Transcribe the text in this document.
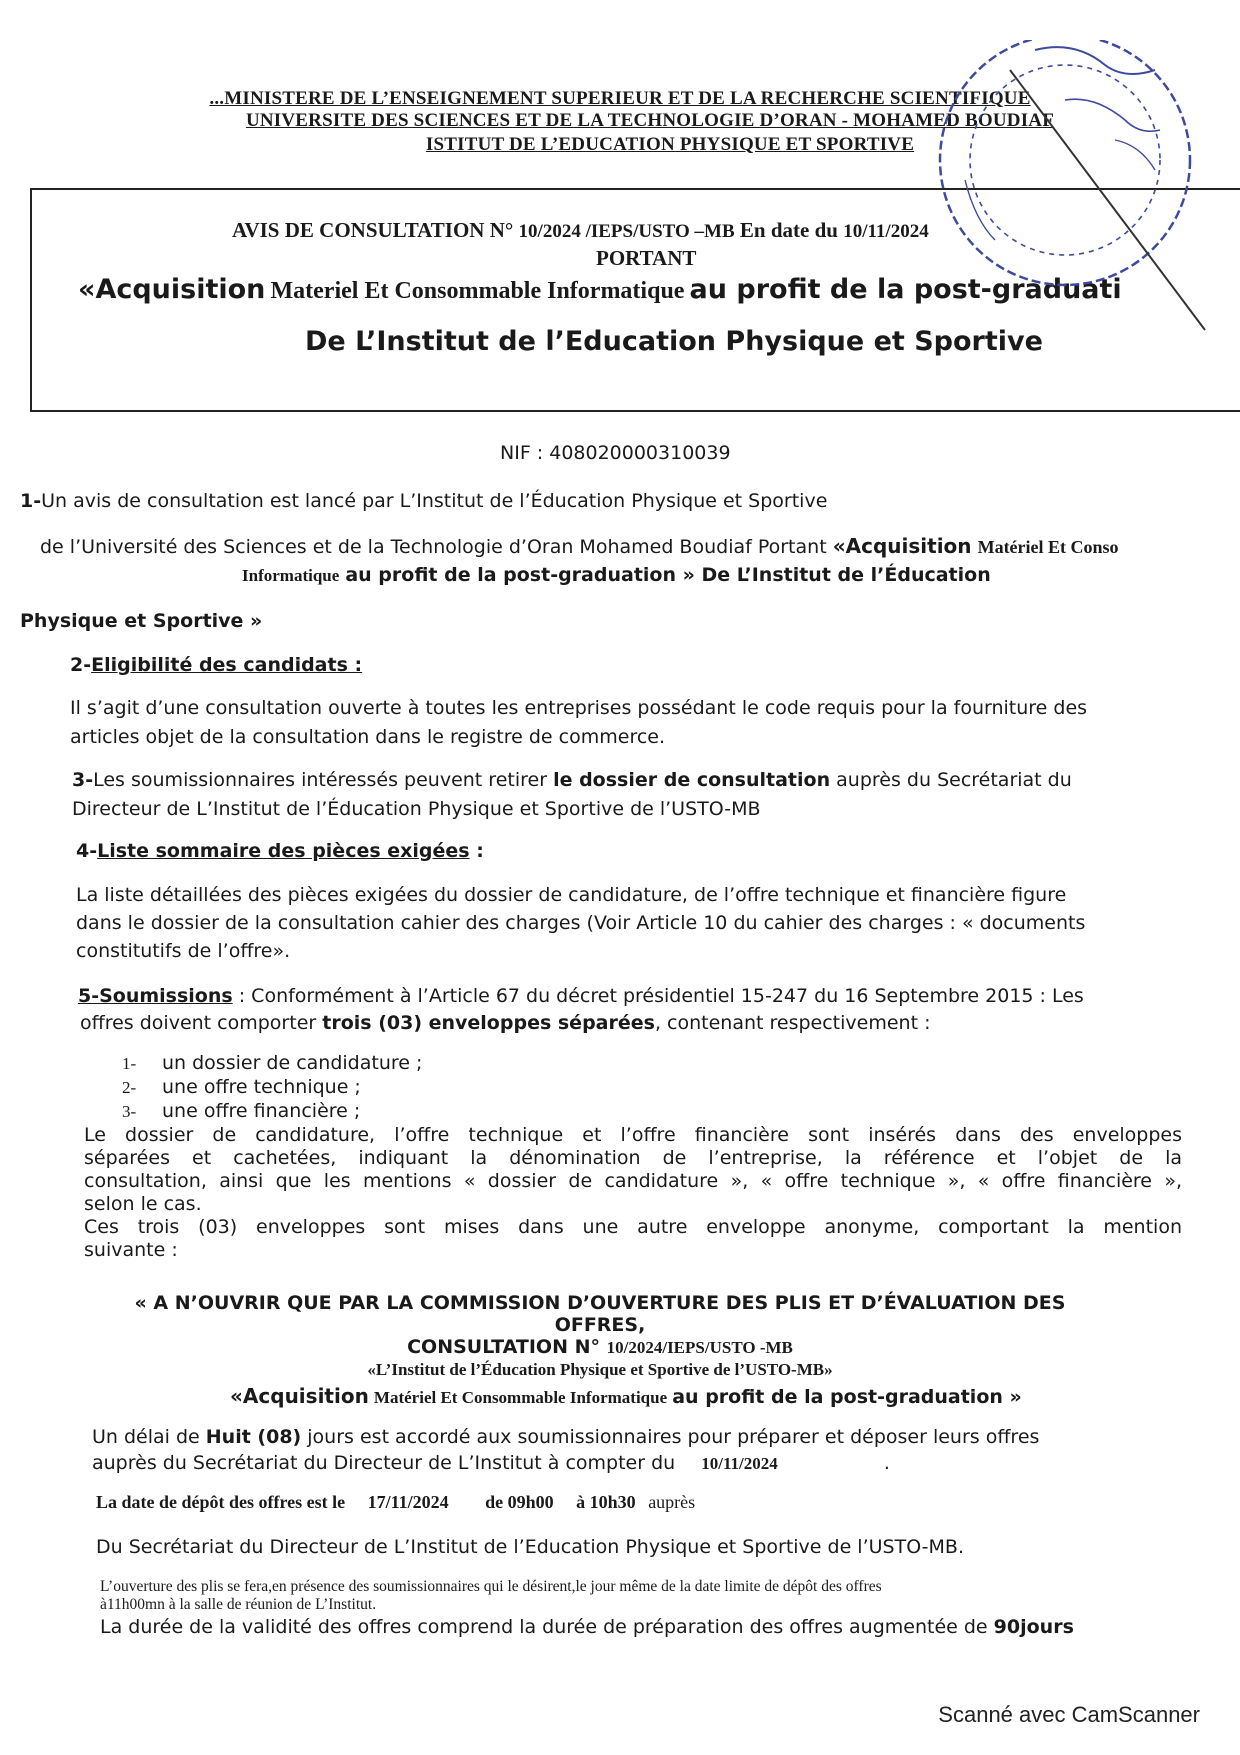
...MINISTERE DE L’ENSEIGNEMENT SUPERIEUR ET DE LA RECHERCHE SCIENTIFIQUE
UNIVERSITE DES SCIENCES ET DE LA TECHNOLOGIE D’ORAN - MOHAMED BOUDIAF
ISTITUT DE L’EDUCATION PHYSIQUE ET SPORTIVE
AVIS DE CONSULTATION N° 10/2024 /IEPS/USTO –MB En date du 10/11/2024
PORTANT
«Acquisition Materiel Et Consommable Informatique au profit de la post-graduati
De L’Institut de l’Education Physique et Sportive
NIF : 408020000310039
1-Un avis de consultation est lancé par L’Institut de l’Éducation Physique et Sportive
de l’Université des Sciences et de la Technologie d’Oran Mohamed Boudiaf Portant «Acquisition Matériel Et Conso
Informatique au profit de la post-graduation » De L’Institut de l’Éducation
Physique et Sportive »
2-Eligibilité des candidats :
Il s’agit d’une consultation ouverte à toutes les entreprises possédant le code requis pour la fourniture des
articles objet de la consultation dans le registre de commerce.
3-Les soumissionnaires intéressés peuvent retirer le dossier de consultation auprès du Secrétariat du
Directeur de L’Institut de l’Éducation Physique et Sportive de l’USTO-MB
4-Liste sommaire des pièces exigées :
La liste détaillées des pièces exigées du dossier de candidature, de l’offre technique et financière figure
dans le dossier de la consultation cahier des charges (Voir Article 10 du cahier des charges : « documents
constitutifs de l’offre».
5-Soumissions : Conformément à l’Article 67 du décret présidentiel 15-247 du 16 Septembre 2015 : Les
offres doivent comporter trois (03) enveloppes séparées, contenant respectivement :
1- un dossier de candidature ;
2- une offre technique ;
3- une offre financière ;
Le dossier de candidature, l’offre technique et l’offre financière sont insérés dans des enveloppes
séparées et cachetées, indiquant la dénomination de l’entreprise, la référence et l’objet de la
consultation, ainsi que les mentions « dossier de candidature », « offre technique », « offre financière »,
selon le cas.
Ces trois (03) enveloppes sont mises dans une autre enveloppe anonyme, comportant la mention
suivante :
« A N’OUVRIR QUE PAR LA COMMISSION D’OUVERTURE DES PLIS ET D’ÉVALUATION DES
OFFRES,
CONSULTATION N° 10/2024/IEPS/USTO -MB
«L’Institut de l’Éducation Physique et Sportive de l’USTO-MB»
«Acquisition Matériel Et Consommable Informatique au profit de la post-graduation »
Un délai de Huit (08) jours est accordé aux soumissionnaires pour préparer et déposer leurs offres
auprès du Secrétariat du Directeur de L’Institut à compter du 10/11/2024	.
La date de dépôt des offres est le 17/11/2024 de 09h00 à 10h30 auprès
Du Secrétariat du Directeur de L’Institut de l’Education Physique et Sportive de l’USTO-MB.
L’ouverture des plis se fera,en présence des soumissionnaires qui le désirent,le jour même de la date limite de dépôt des offres
à11h00mn à la salle de réunion de L’Institut.
La durée de la validité des offres comprend la durée de préparation des offres augmentée de 90jours
Scanné avec CamScanner
